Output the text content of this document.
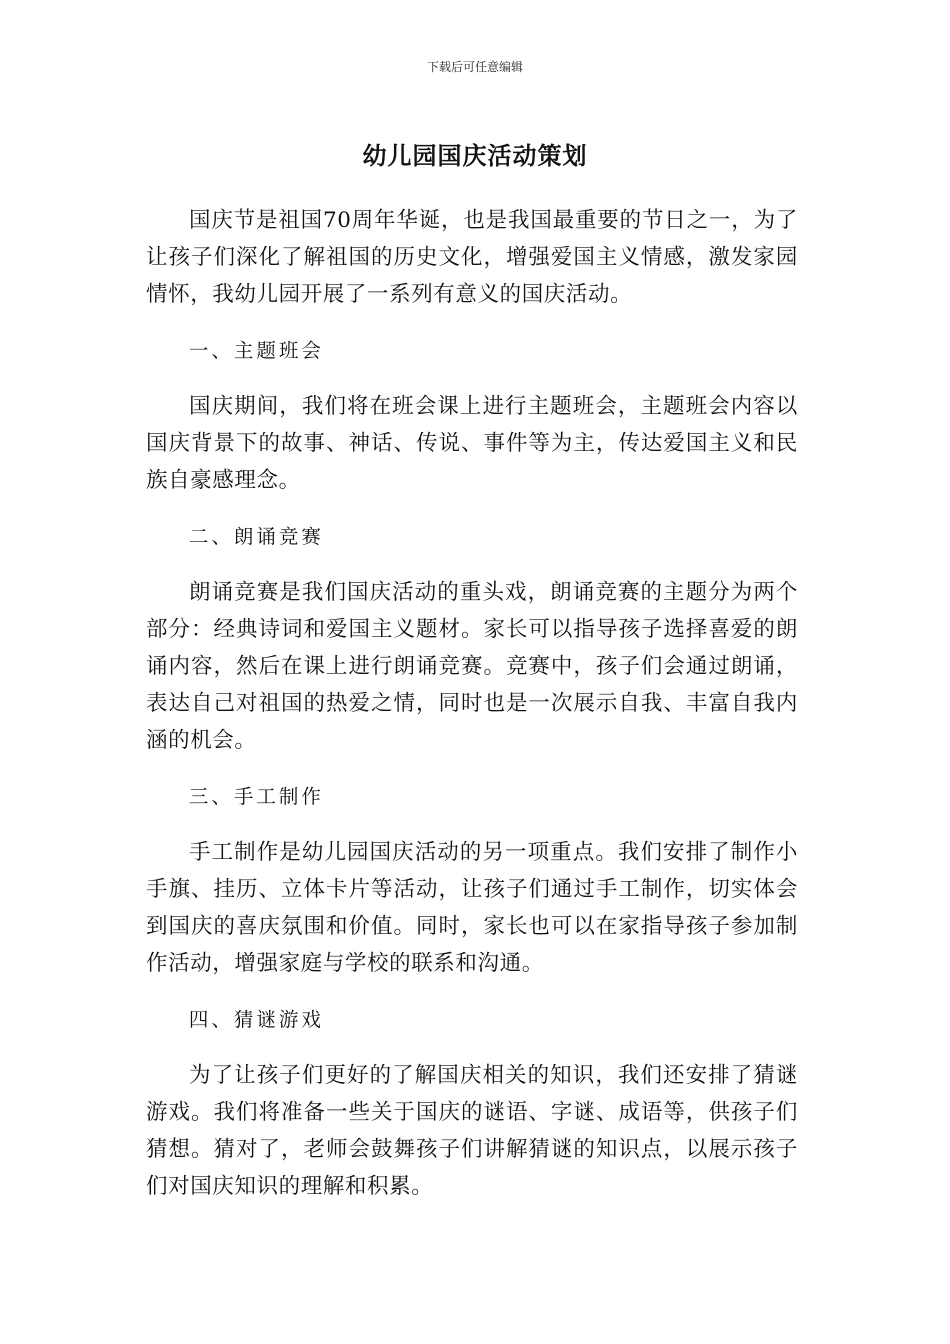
下载后可任意编辑
幼儿园国庆活动策划

国庆节是祖国70周年华诞，也是我国最重要的节日之一，为了让孩子们深化了解祖国的历史文化，增强爱国主义情感，激发家园情怀，我幼儿园开展了一系列有意义的国庆活动。

一、主题班会

国庆期间，我们将在班会课上进行主题班会，主题班会内容以国庆背景下的故事、神话、传说、事件等为主，传达爱国主义和民族自豪感理念。

二、朗诵竞赛

朗诵竞赛是我们国庆活动的重头戏，朗诵竞赛的主题分为两个部分：经典诗词和爱国主义题材。家长可以指导孩子选择喜爱的朗诵内容，然后在课上进行朗诵竞赛。竞赛中，孩子们会通过朗诵，表达自己对祖国的热爱之情，同时也是一次展示自我、丰富自我内涵的机会。

三、手工制作

手工制作是幼儿园国庆活动的另一项重点。我们安排了制作小手旗、挂历、立体卡片等活动，让孩子们通过手工制作，切实体会到国庆的喜庆氛围和价值。同时，家长也可以在家指导孩子参加制作活动，增强家庭与学校的联系和沟通。

四、猜谜游戏

为了让孩子们更好的了解国庆相关的知识，我们还安排了猜谜游戏。我们将准备一些关于国庆的谜语、字谜、成语等，供孩子们猜想。猜对了，老师会鼓舞孩子们讲解猜谜的知识点，以展示孩子们对国庆知识的理解和积累。
